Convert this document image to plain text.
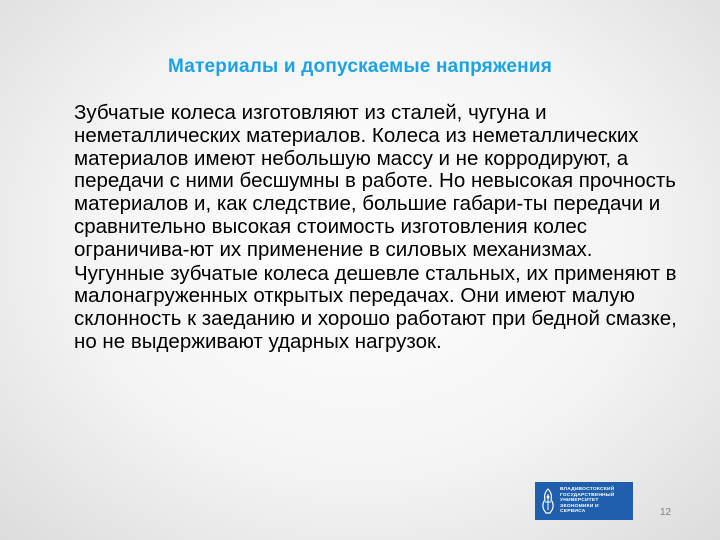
Материалы и допускаемые напряжения

Зубчатые колеса изготовляют из сталей, чугуна и неметаллических материалов. Колеса из неметаллических материалов имеют небольшую массу и не корродируют, а передачи с ними бесшумны в работе. Но невысокая прочность материалов и, как следствие, большие габари-ты передачи и сравнительно высокая стоимость изготовления колес ограничива-ют их применение в силовых механизмах.

Чугунные зубчатые колеса дешевле стальных, их применяют в малонагруженных открытых передачах. Они имеют малую склонность к заеданию и хорошо работают при бедной смазке, но не выдерживают ударных нагрузок.

ВЛАДИВОСТОКСКИЙ
ГОСУДАРСТВЕННЫЙ
УНИВЕРСИТЕТ
ЭКОНОМИКИ И
СЕРВИСА	12
